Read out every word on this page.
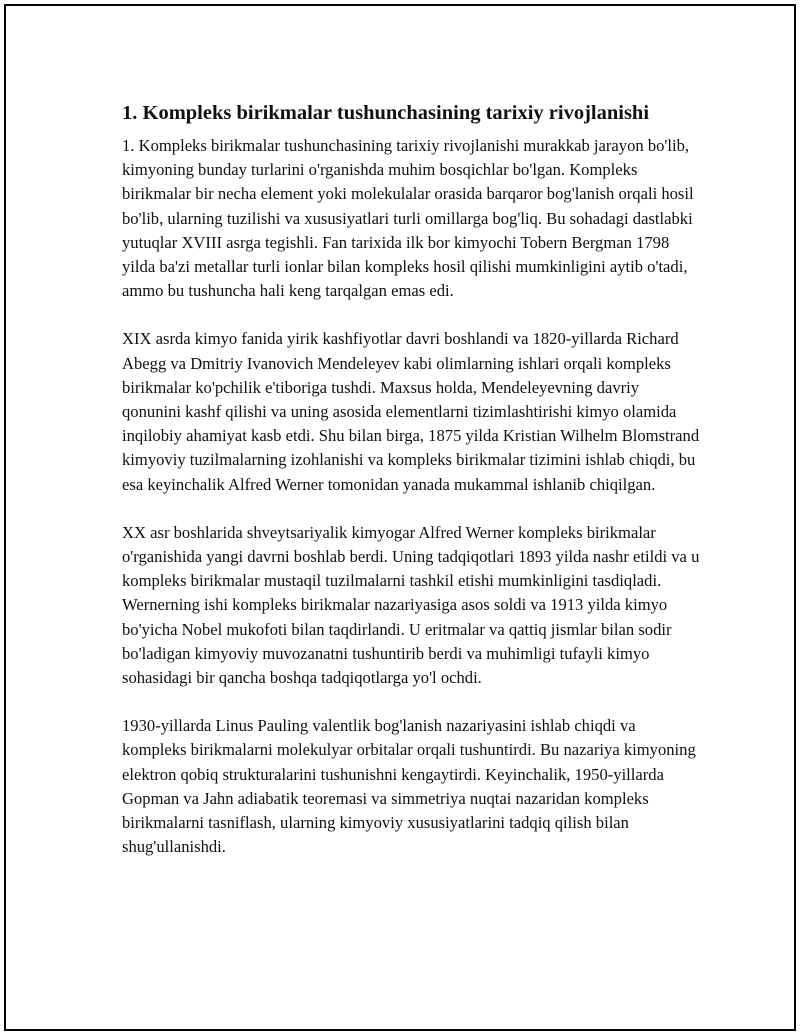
1. Kompleks birikmalar tushunchasining tarixiy rivojlanishi

1. Kompleks birikmalar tushunchasining tarixiy rivojlanishi murakkab jarayon bo'lib, kimyoning bunday turlarini o'rganishda muhim bosqichlar bo'lgan. Kompleks birikmalar bir necha element yoki molekulalar orasida barqaror bog'lanish orqali hosil bo'lib, ularning tuzilishi va xususiyatlari turli omillarga bog'liq. Bu sohadagi dastlabki yutuqlar XVIII asrga tegishli. Fan tarixida ilk bor kimyochi Tobern Bergman 1798 yilda ba'zi metallar turli ionlar bilan kompleks hosil qilishi mumkinligini aytib o'tadi, ammo bu tushuncha hali keng tarqalgan emas edi.

XIX asrda kimyo fanida yirik kashfiyotlar davri boshlandi va 1820-yillarda Richard Abegg va Dmitriy Ivanovich Mendeleyev kabi olimlarning ishlari orqali kompleks birikmalar ko'pchilik e'tiboriga tushdi. Maxsus holda, Mendeleyevning davriy qonunini kashf qilishi va uning asosida elementlarni tizimlashtirishi kimyo olamida inqilobiy ahamiyat kasb etdi. Shu bilan birga, 1875 yilda Kristian Wilhelm Blomstrand kimyoviy tuzilmalarning izohlanishi va kompleks birikmalar tizimini ishlab chiqdi, bu esa keyinchalik Alfred Werner tomonidan yanada mukammal ishlanib chiqilgan.

XX asr boshlarida shveytsariyalik kimyogar Alfred Werner kompleks birikmalar o'rganishida yangi davrni boshlab berdi. Uning tadqiqotlari 1893 yilda nashr etildi va u kompleks birikmalar mustaqil tuzilmalarni tashkil etishi mumkinligini tasdiqladi. Wernerning ishi kompleks birikmalar nazariyasiga asos soldi va 1913 yilda kimyo bo'yicha Nobel mukofoti bilan taqdirlandi. U eritmalar va qattiq jismlar bilan sodir bo'ladigan kimyoviy muvozanatni tushuntirib berdi va muhimligi tufayli kimyo sohasidagi bir qancha boshqa tadqiqotlarga yo'l ochdi.

1930-yillarda Linus Pauling valentlik bog'lanish nazariyasini ishlab chiqdi va kompleks birikmalarni molekulyar orbitalar orqali tushuntirdi. Bu nazariya kimyoning elektron qobiq strukturalarini tushunishni kengaytirdi. Keyinchalik, 1950-yillarda Gopman va Jahn adiabatik teoremasi va simmetriya nuqtai nazaridan kompleks birikmalarni tasniflash, ularning kimyoviy xususiyatlarini tadqiq qilish bilan shug'ullanishdi.
